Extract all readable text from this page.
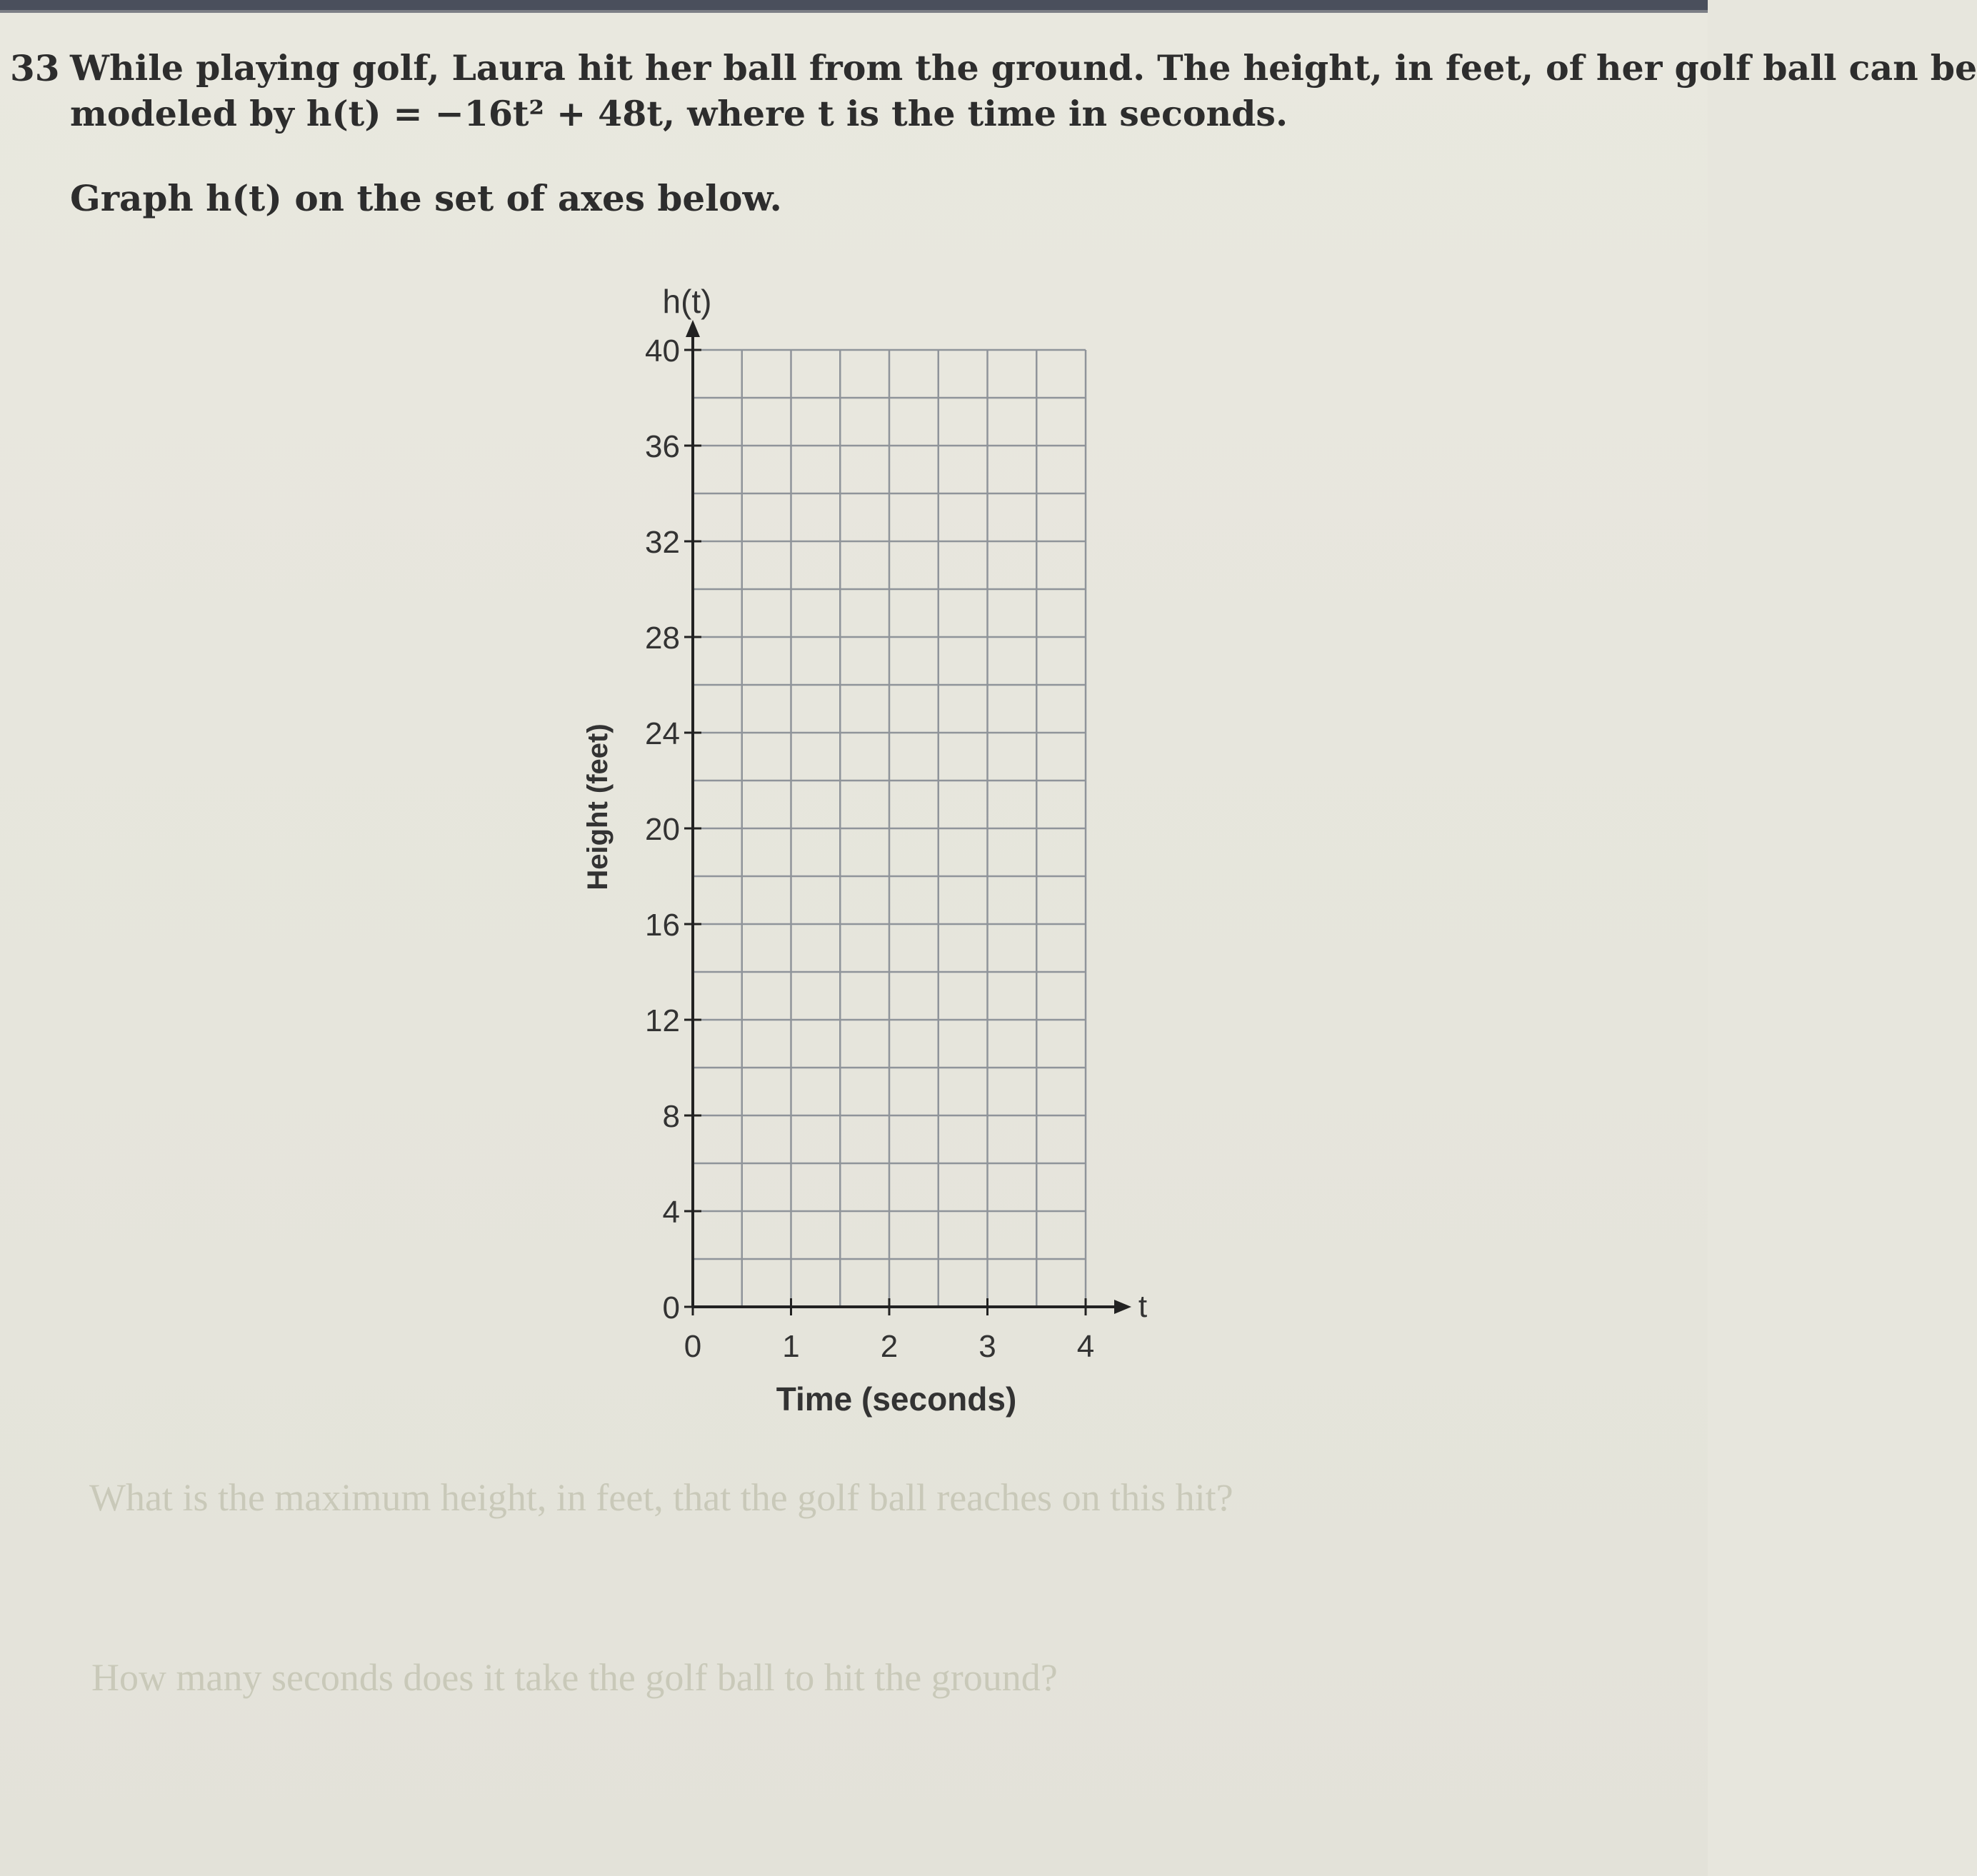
33 While playing golf, Laura hit her ball from the ground. The height, in feet, of her golf ball can be
modeled by h(t) = −16t² + 48t, where t is the time in seconds.
Graph h(t) on the set of axes below.
0
4
8
12
16
20
24
28
32
36
40
0	1	2	3	4
h(t)
Height (feet)
Time (seconds)
t
What is the maximum height, in feet, that the golf ball reaches on this hit?
How many seconds does it take the golf ball to hit the ground?
